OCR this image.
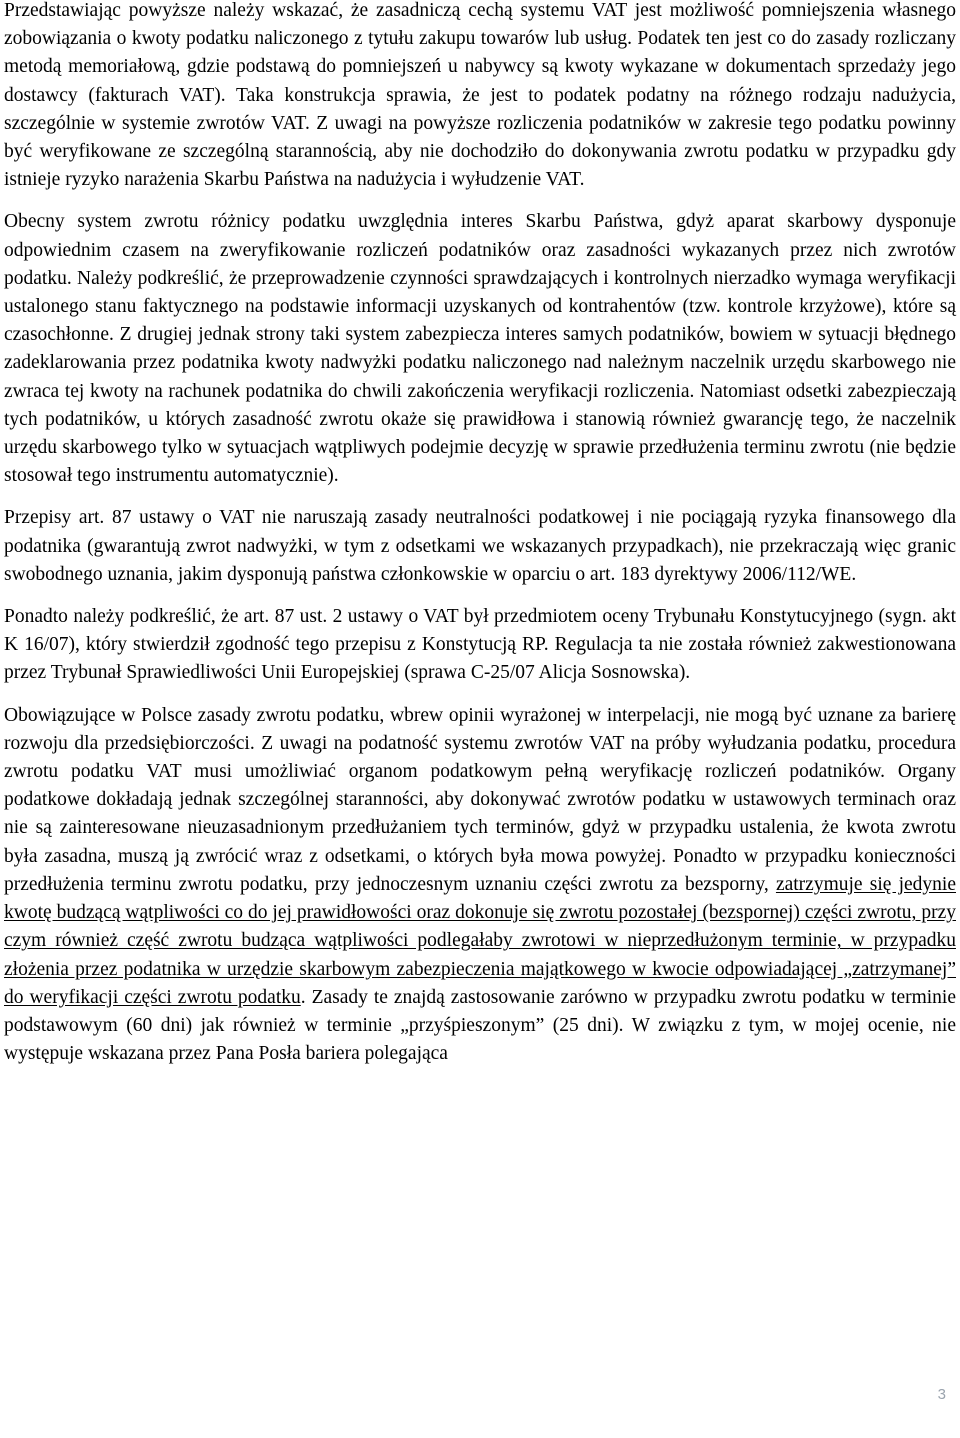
Przedstawiając powyższe należy wskazać, że zasadniczą cechą systemu VAT jest możliwość pomniejszenia własnego zobowiązania o kwoty podatku naliczonego z tytułu zakupu towarów lub usług. Podatek ten jest co do zasady rozliczany metodą memoriałową, gdzie podstawą do pomniejszeń u nabywcy są kwoty wykazane w dokumentach sprzedaży jego dostawcy (fakturach VAT). Taka konstrukcja sprawia, że jest to podatek podatny na różnego rodzaju nadużycia, szczególnie w systemie zwrotów VAT. Z uwagi na powyższe rozliczenia podatników w zakresie tego podatku powinny być weryfikowane ze szczególną starannością, aby nie dochodziło do dokonywania zwrotu podatku w przypadku gdy istnieje ryzyko narażenia Skarbu Państwa na nadużycia i wyłudzenie VAT.

Obecny system zwrotu różnicy podatku uwzględnia interes Skarbu Państwa, gdyż aparat skarbowy dysponuje odpowiednim czasem na zweryfikowanie rozliczeń podatników oraz zasadności wykazanych przez nich zwrotów podatku. Należy podkreślić, że przeprowadzenie czynności sprawdzających i kontrolnych nierzadko wymaga weryfikacji ustalonego stanu faktycznego na podstawie informacji uzyskanych od kontrahentów (tzw. kontrole krzyżowe), które są czasochłonne. Z drugiej jednak strony taki system zabezpiecza interes samych podatników, bowiem w sytuacji błędnego zadeklarowania przez podatnika kwoty nadwyżki podatku naliczonego nad należnym naczelnik urzędu skarbowego nie zwraca tej kwoty na rachunek podatnika do chwili zakończenia weryfikacji rozliczenia. Natomiast odsetki zabezpieczają tych podatników, u których zasadność zwrotu okaże się prawidłowa i stanowią również gwarancję tego, że naczelnik urzędu skarbowego tylko w sytuacjach wątpliwych podejmie decyzję w sprawie przedłużenia terminu zwrotu (nie będzie stosował tego instrumentu automatycznie).

Przepisy art. 87 ustawy o VAT nie naruszają zasady neutralności podatkowej i nie pociągają ryzyka finansowego dla podatnika (gwarantują zwrot nadwyżki, w tym z odsetkami we wskazanych przypadkach), nie przekraczają więc granic swobodnego uznania, jakim dysponują państwa członkowskie w oparciu o art. 183 dyrektywy 2006/112/WE.

Ponadto należy podkreślić, że art. 87 ust. 2 ustawy o VAT był przedmiotem oceny Trybunału Konstytucyjnego (sygn. akt K 16/07), który stwierdził zgodność tego przepisu z Konstytucją RP. Regulacja ta nie została również zakwestionowana przez Trybunał Sprawiedliwości Unii Europejskiej (sprawa C-25/07 Alicja Sosnowska).

Obowiązujące w Polsce zasady zwrotu podatku, wbrew opinii wyrażonej w interpelacji, nie mogą być uznane za barierę rozwoju dla przedsiębiorczości. Z uwagi na podatność systemu zwrotów VAT na próby wyłudzania podatku, procedura zwrotu podatku VAT musi umożliwiać organom podatkowym pełną weryfikację rozliczeń podatników. Organy podatkowe dokładają jednak szczególnej staranności, aby dokonywać zwrotów podatku w ustawowych terminach oraz nie są zainteresowane nieuzasadnionym przedłużaniem tych terminów, gdyż w przypadku ustalenia, że kwota zwrotu była zasadna, muszą ją zwrócić wraz z odsetkami, o których była mowa powyżej. Ponadto w przypadku konieczności przedłużenia terminu zwrotu podatku, przy jednoczesnym uznaniu części zwrotu za bezsporny, zatrzymuje się jedynie kwotę budzącą wątpliwości co do jej prawidłowości oraz dokonuje się zwrotu pozostałej (bezspornej) części zwrotu, przy czym również część zwrotu budząca wątpliwości podlegałaby zwrotowi w nieprzedłużonym terminie, w przypadku złożenia przez podatnika w urzędzie skarbowym zabezpieczenia majątkowego w kwocie odpowiadającej „zatrzymanej” do weryfikacji części zwrotu podatku. Zasady te znajdą zastosowanie zarówno w przypadku zwrotu podatku w terminie podstawowym (60 dni) jak również w terminie „przyśpieszonym” (25 dni). W związku z tym, w mojej ocenie, nie występuje wskazana przez Pana Posła bariera polegająca

3
